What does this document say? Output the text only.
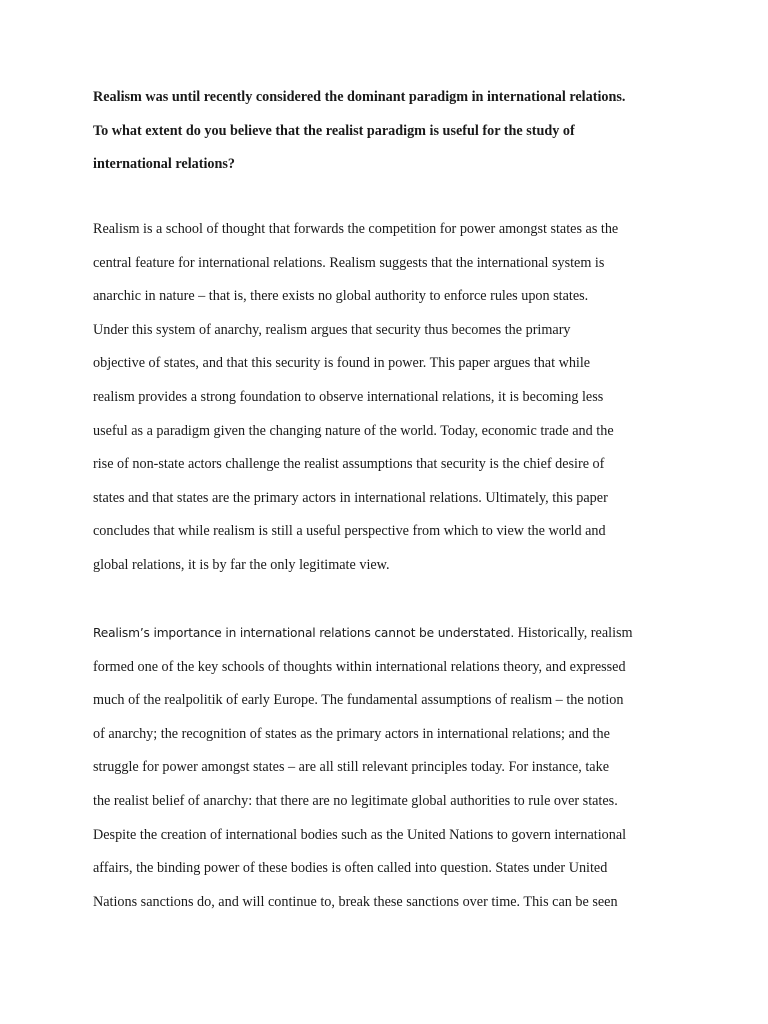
Realism was until recently considered the dominant paradigm in international relations.
To what extent do you believe that the realist paradigm is useful for the study of
international relations?
Realism is a school of thought that forwards the competition for power amongst states as the
central feature for international relations. Realism suggests that the international system is
anarchic in nature – that is, there exists no global authority to enforce rules upon states.
Under this system of anarchy, realism argues that security thus becomes the primary
objective of states, and that this security is found in power. This paper argues that while
realism provides a strong foundation to observe international relations, it is becoming less
useful as a paradigm given the changing nature of the world. Today, economic trade and the
rise of non-state actors challenge the realist assumptions that security is the chief desire of
states and that states are the primary actors in international relations. Ultimately, this paper
concludes that while realism is still a useful perspective from which to view the world and
global relations, it is by far the only legitimate view.
Realism’s importance in international relations cannot be understated. Historically, realism
formed one of the key schools of thoughts within international relations theory, and expressed
much of the realpolitik of early Europe. The fundamental assumptions of realism – the notion
of anarchy; the recognition of states as the primary actors in international relations; and the
struggle for power amongst states – are all still relevant principles today. For instance, take
the realist belief of anarchy: that there are no legitimate global authorities to rule over states.
Despite the creation of international bodies such as the United Nations to govern international
affairs, the binding power of these bodies is often called into question. States under United
Nations sanctions do, and will continue to, break these sanctions over time. This can be seen
